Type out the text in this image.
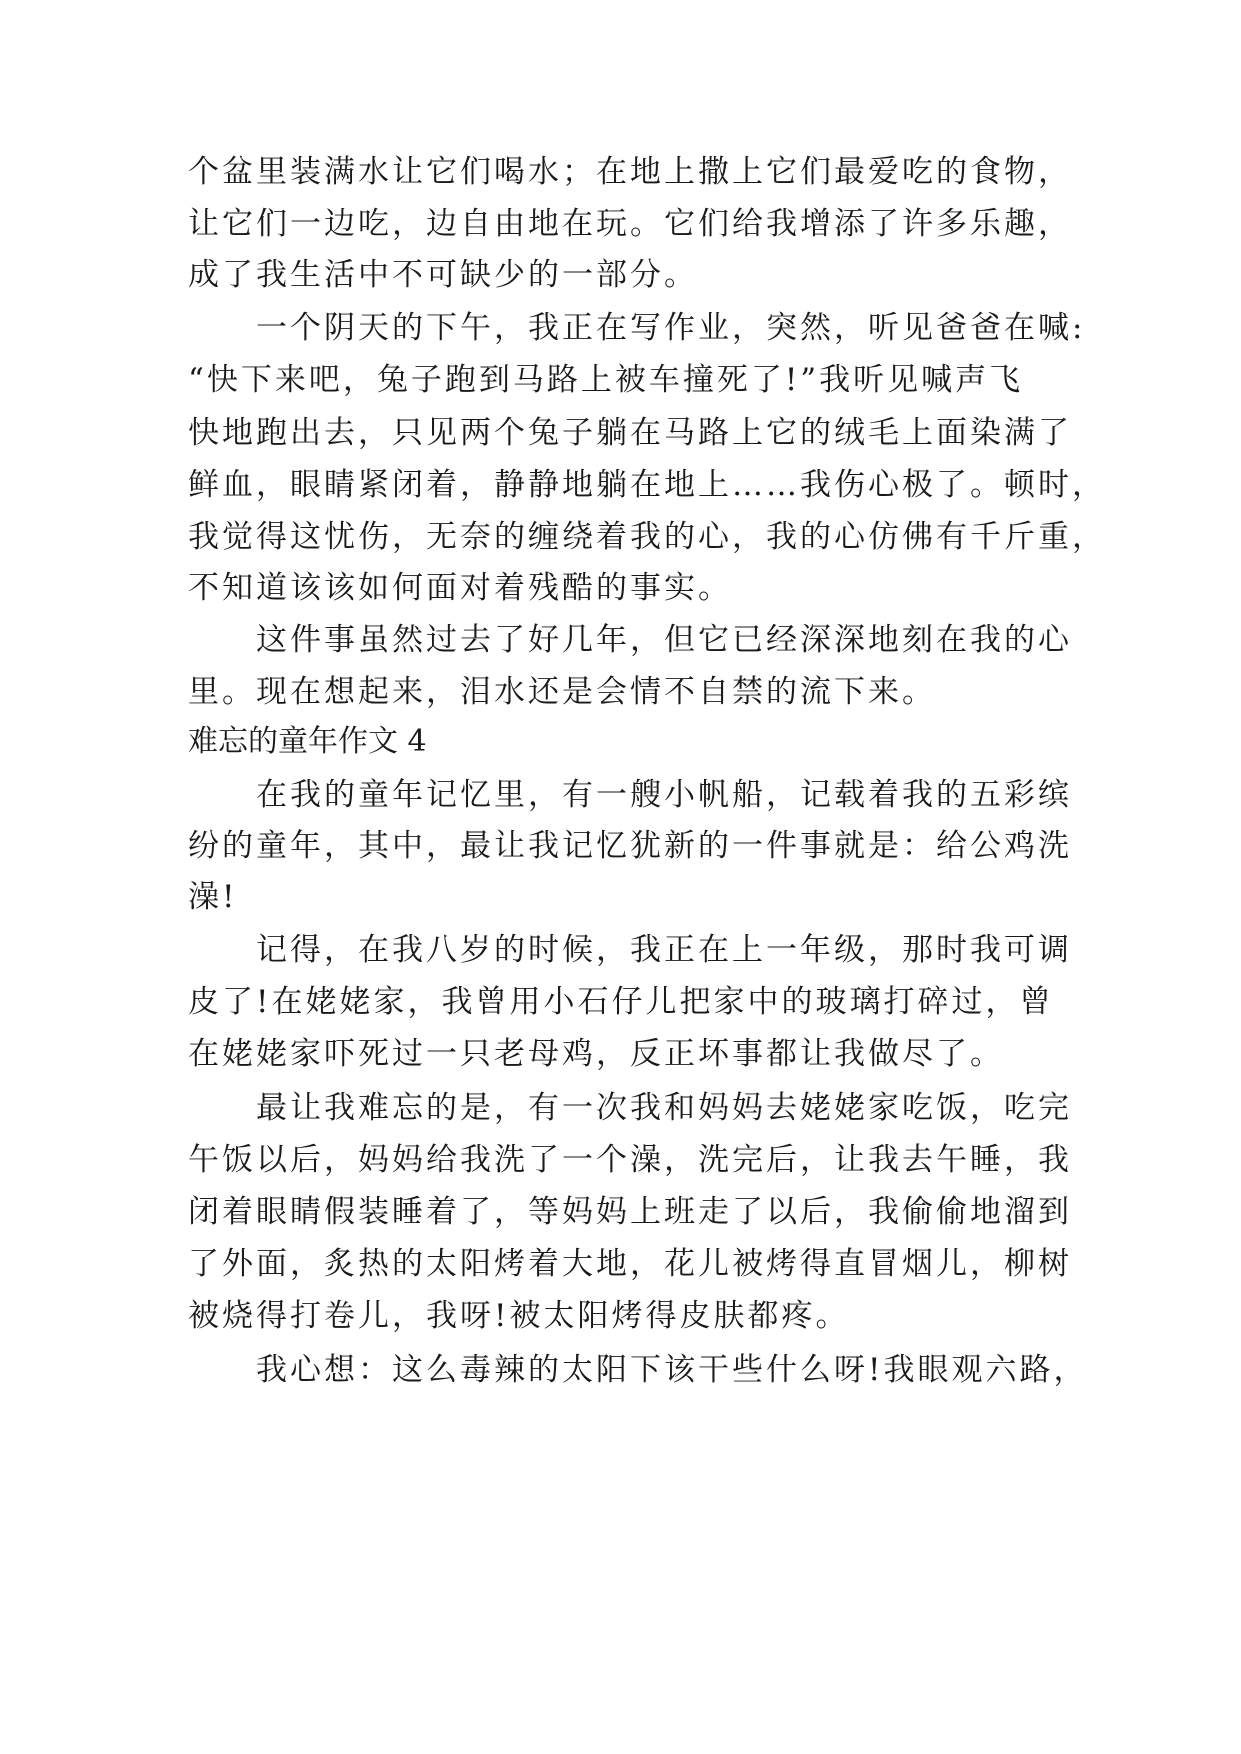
个盆里装满水让它们喝水；在地上撒上它们最爱吃的食物，
让它们一边吃，边自由地在玩。它们给我增添了许多乐趣，
成了我生活中不可缺少的一部分。
一个阴天的下午，我正在写作业，突然，听见爸爸在喊:
“快下来吧，兔子跑到马路上被车撞死了!”我听见喊声飞
快地跑出去，只见两个兔子躺在马路上它的绒毛上面染满了
鲜血，眼睛紧闭着，静静地躺在地上……我伤心极了。顿时，
我觉得这忧伤，无奈的缠绕着我的心，我的心仿佛有千斤重，
不知道该该如何面对着残酷的事实。
这件事虽然过去了好几年，但它已经深深地刻在我的心
里。现在想起来，泪水还是会情不自禁的流下来。
难忘的童年作文 4
在我的童年记忆里，有一艘小帆船，记载着我的五彩缤
纷的童年，其中，最让我记忆犹新的一件事就是：给公鸡洗
澡!
记得，在我八岁的时候，我正在上一年级，那时我可调
皮了!在姥姥家，我曾用小石仔儿把家中的玻璃打碎过，曾
在姥姥家吓死过一只老母鸡，反正坏事都让我做尽了。
最让我难忘的是，有一次我和妈妈去姥姥家吃饭，吃完
午饭以后，妈妈给我洗了一个澡，洗完后，让我去午睡，我
闭着眼睛假装睡着了，等妈妈上班走了以后，我偷偷地溜到
了外面，炙热的太阳烤着大地，花儿被烤得直冒烟儿，柳树
被烧得打卷儿，我呀!被太阳烤得皮肤都疼。
我心想：这么毒辣的太阳下该干些什么呀!我眼观六路，
